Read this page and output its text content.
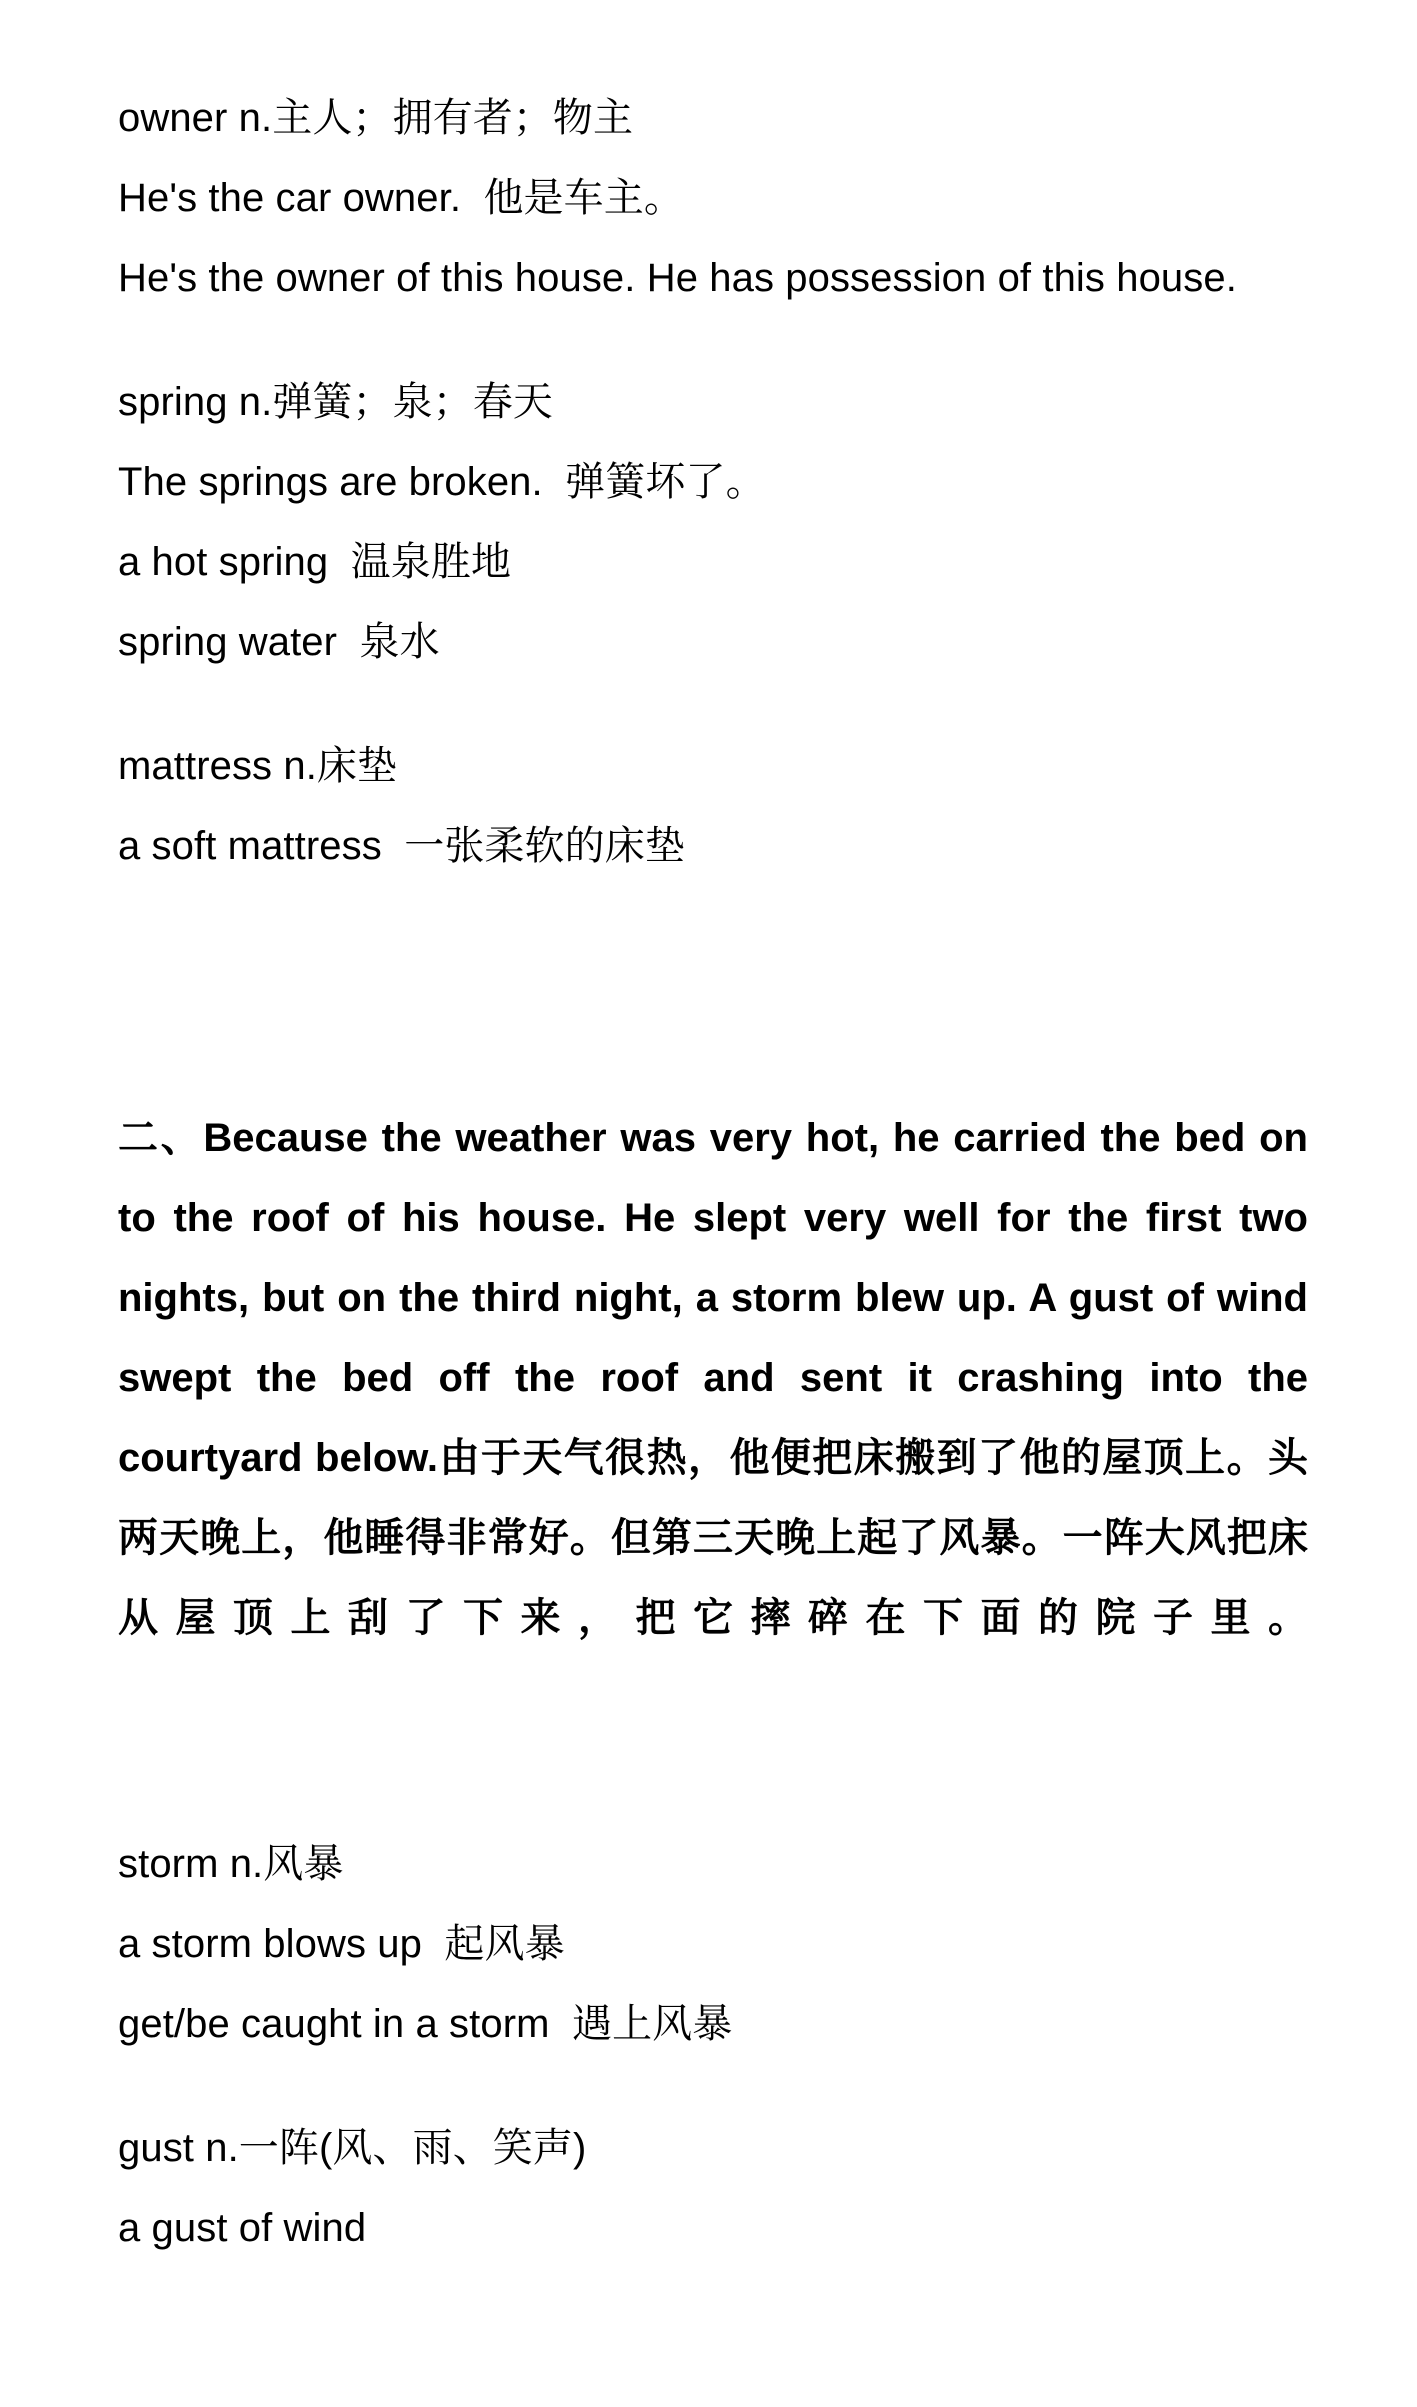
owner n.主人；拥有者；物主
He's the car owner.  他是车主。
He's the owner of this house. He has possession of this house.
spring n.弹簧；泉；春天
The springs are broken.  弹簧坏了。
a hot spring  温泉胜地
spring water  泉水
mattress n.床垫
a soft mattress  一张柔软的床垫
二、Because the weather was very hot, he carried the bed on to the roof of his house. He slept very well for the first two nights, but on the third night, a storm blew up. A gust of wind swept the bed off the roof and sent it crashing into the courtyard below.由于天气很热，他便把床搬到了他的屋顶上。头两天晚上，他睡得非常好。但第三天晚上起了风暴。一阵大风把床从屋顶上刮了下来，把它摔碎在下面的院子里。
storm n.风暴
a storm blows up  起风暴
get/be caught in a storm  遇上风暴
gust n.一阵(风、雨、笑声)
a gust of wind
